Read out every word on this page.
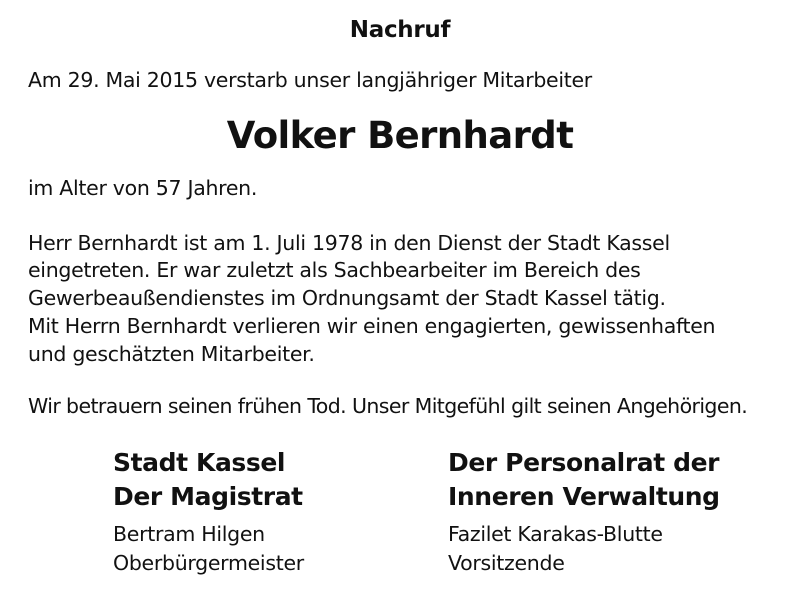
Nachruf
Am 29. Mai 2015 verstarb unser langjähriger Mitarbeiter
Volker Bernhardt
im Alter von 57 Jahren.
Herr Bernhardt ist am 1. Juli 1978 in den Dienst der Stadt Kassel
eingetreten. Er war zuletzt als Sachbearbeiter im Bereich des
Gewerbeaußendienstes im Ordnungsamt der Stadt Kassel tätig.
Mit Herrn Bernhardt verlieren wir einen engagierten, gewissenhaften
und geschätzten Mitarbeiter.
Wir betrauern seinen frühen Tod. Unser Mitgefühl gilt seinen Angehörigen.
Stadt Kassel
Der Magistrat
Bertram Hilgen
Oberbürgermeister
Der Personalrat der
Inneren Verwaltung
Fazilet Karakas-Blutte
Vorsitzende
